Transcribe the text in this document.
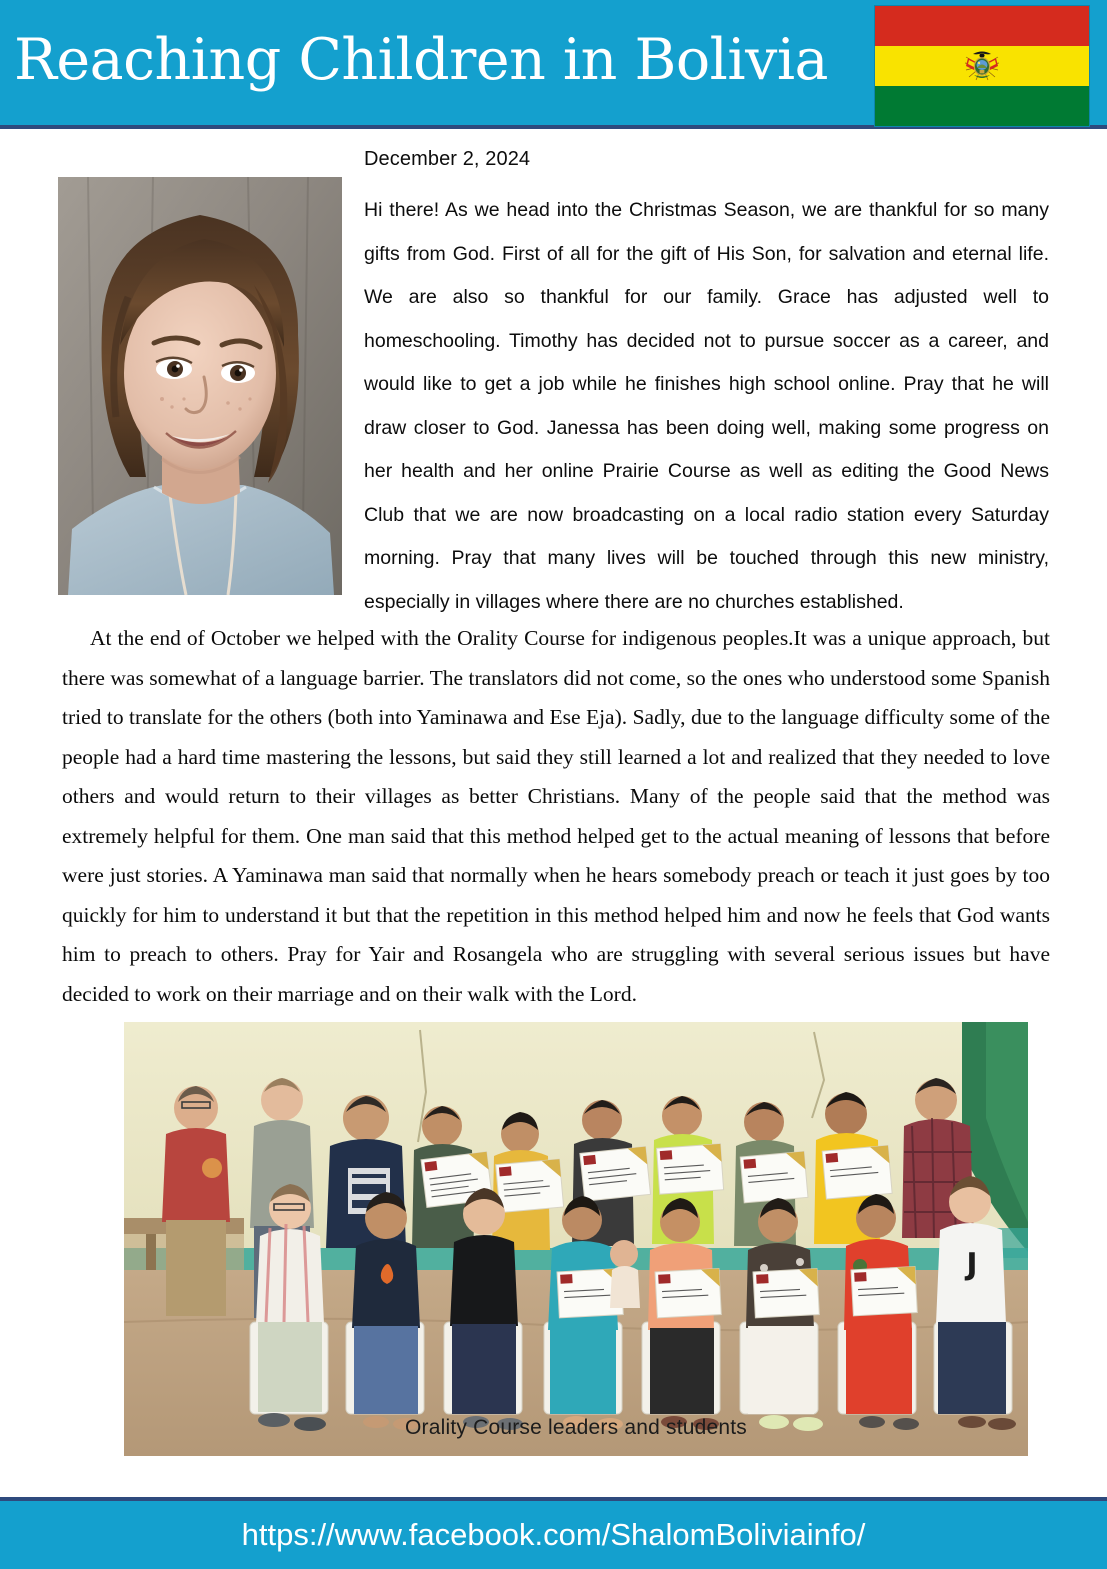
Reaching Children in Bolivia
December 2, 2024
Hi there! As we head into the Christmas Season, we are thankful for so many gifts from God. First of all for the gift of His Son, for salvation and eternal life. We are also so thankful for our family. Grace has adjusted well to homeschooling. Timothy has decided not to pursue soccer as a career, and would like to get a job while he finishes high school online. Pray that he will draw closer to God. Janessa has been doing well, making some progress on her health and her online Prairie Course as well as editing the Good News Club that we are now broadcasting on a local radio station every Saturday morning. Pray that many lives will be touched through this new ministry, especially in villages where there are no churches established.
At the end of October we helped with the Orality Course for indigenous peoples.It was a unique approach, but there was somewhat of a language barrier. The translators did not come, so the ones who understood some Spanish tried to translate for the others (both into Yaminawa and Ese Eja). Sadly, due to the language difficulty some of the people had a hard time mastering the lessons, but said they still learned a lot and realized that they needed to love others and would return to their villages as better Christians. Many of the people said that the method was extremely helpful for them. One man said that this method helped get to the actual meaning of lessons that before were just stories. A Yaminawa man said that normally when he hears somebody preach or teach it just goes by too quickly for him to understand it but that the repetition in this method helped him and now he feels that God wants him to preach to others. Pray for Yair and Rosangela who are struggling with several serious issues but have decided to work on their marriage and on their walk with the Lord.
J
Orality Course leaders and students
https://www.facebook.com/ShalomBoliviainfo/
